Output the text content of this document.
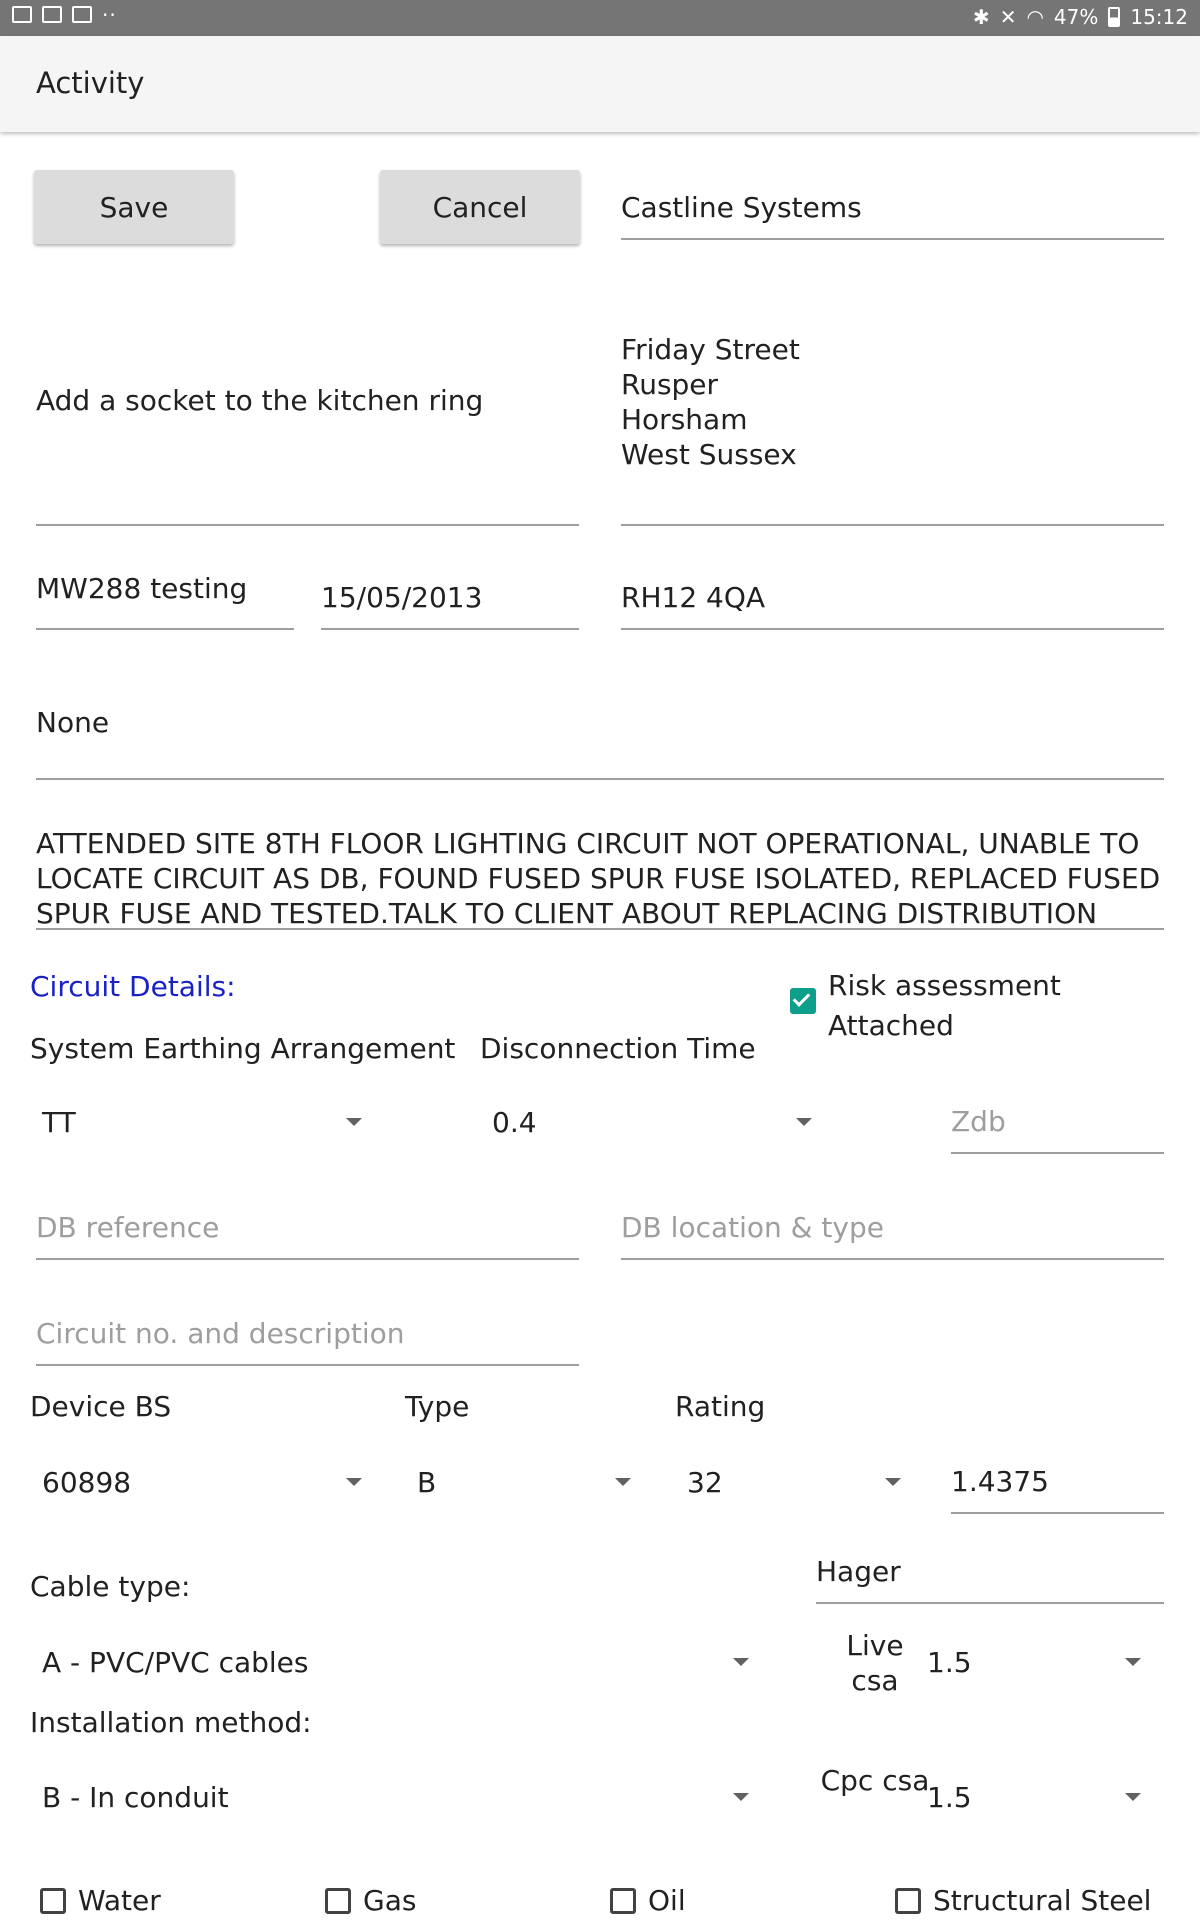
··	✱ ✕ ◠ 47% 15:12
Activity
Save	Cancel	Castline Systems
Add a socket to the kitchen ring
Friday Street
Rusper
Horsham
West Sussex
MW288 testing	15/05/2013	RH12 4QA
None
ATTENDED SITE 8TH FLOOR LIGHTING CIRCUIT NOT OPERATIONAL, UNABLE TO LOCATE CIRCUIT AS DB, FOUND FUSED SPUR FUSE ISOLATED, REPLACED FUSED SPUR FUSE AND TESTED.TALK TO CLIENT ABOUT REPLACING DISTRIBUTION
Circuit Details:	Risk assessment Attached
System Earthing Arrangement Disconnection Time
TT	0.4	Zdb
DB reference	DB location & type
Circuit no. and description
Device BS	Type	Rating
60898	B	32	1.4375
Hager
Cable type:
A - PVC/PVC cables
Live csa
1.5
Installation method:
B - In conduit
Cpc csa
1.5
Water	Gas	Oil	Structural Steel
